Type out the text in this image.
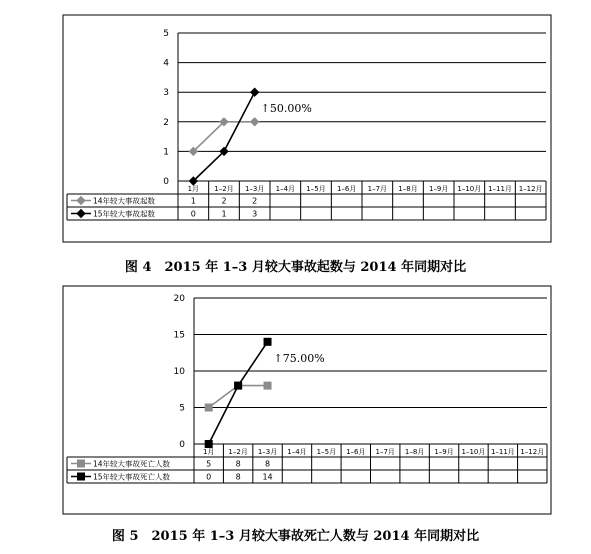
0
1
2
3
4
5
1月 1–2月 1–3月 1–4月 1–5月 1–6月 1–7月 1–8月 1–9月 1–10月 1–11月 1–12月
14年较大事故起数	1	2	2
15年较大事故起数	0	1	3
↑50.00%
图 4　2015 年 1–3 月较大事故起数与 2014 年同期对比
0
5
10
15
20
1月 1–2月 1–3月 1–4月 1–5月 1–6月 1–7月 1–8月 1–9月 1–10月 1–11月 1–12月
14年较大事故死亡人数	5	8	8
15年较大事故死亡人数	0	8	14
↑75.00%
图 5　2015 年 1–3 月较大事故死亡人数与 2014 年同期对比
